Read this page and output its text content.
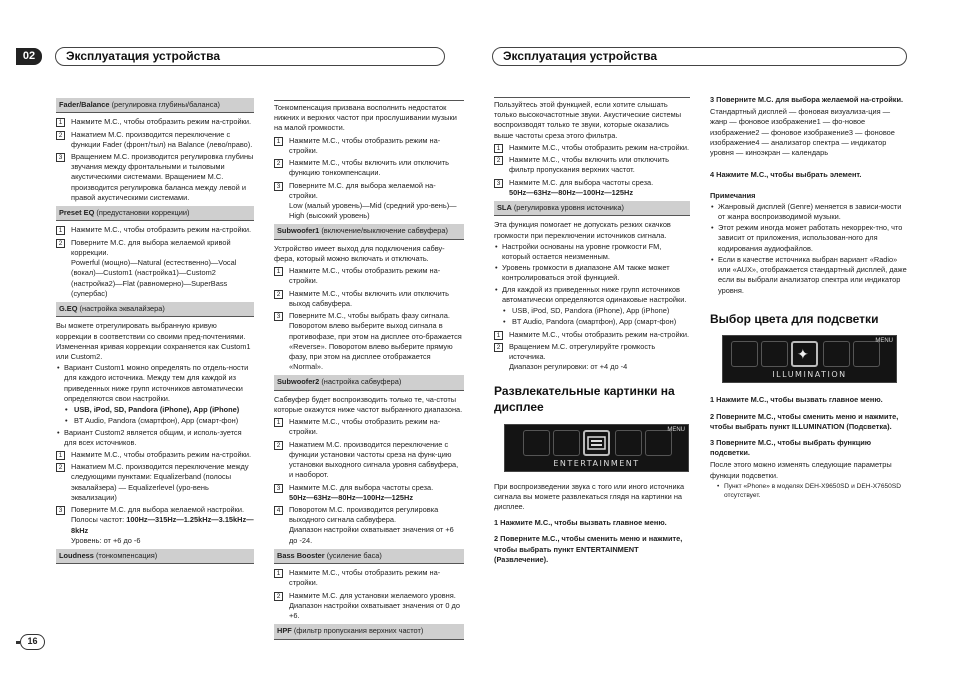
02	Эксплуатация устройства	Эксплуатация устройства
Fader/Balance (регулировка глубины/баланса)
1	Нажмите М.С., чтобы отобразить режим на-стройки.
2	Нажатием М.С. производится переключение с функции Fader (фронт/тыл) на Balance (лево/право).
3	Вращением М.С. производится регулировка глубины звучания между фронтальными и тыловыми акустическими системами. Вращением М.С. производится регулировка баланса между левой и правой акустическими системами.
Preset EQ (предустановки коррекции)
1	Нажмите М.С., чтобы отобразить режим на-стройки.
2	Поверните М.С. для выбора желаемой кривой коррекции.
Powerful (мощно)—Natural (естественно)—Vocal (вокал)—Custom1 (настройка1)—Custom2 (настройка2)—Flat (равномерно)—SuperBass (супербас)
G.EQ (настройка эквалайзера)

Вы можете отрегулировать выбранную кривую коррекции в соответствии со своими пред-почтениями. Измененная кривая коррекции сохраняется как Custom1 или Custom2.

• Вариант Custom1 можно определять по отдель-ности для каждого источника. Между тем для каждой из приведенных ниже групп источников автоматически определяются свои настройки.
• USB, iPod, SD, Pandora (iPhone), App (iPhone)
• BT Audio, Pandora (смартфон), App (смарт-фон)
• Вариант Custom2 является общим, и исполь-зуется для всех источников.
1	Нажмите М.С., чтобы отобразить режим на-стройки.
2	Нажатием М.С. производится переключение между следующими пунктами: Equalizerband (полосы эквалайзера) — Equalizerlevel (уро-вень эквализации)
3	Поверните М.С. для выбора желаемой настройки.
Полосы частот: 100Hz—315Hz—1.25kHz—3.15kHz—8kHz
Уровень: от +6 до -6
Loudness (тонкомпенсация)

Тонкомпенсация призвана восполнить недостаток нижних и верхних частот при прослушивании музыки на малой громкости.

1	Нажмите М.С., чтобы отобразить режим на-стройки.
2	Нажмите М.С., чтобы включить или отключить функцию тонкомпенсации.
3	Поверните М.С. для выбора желаемой на-стройки.
Low (малый уровень)—Mid (средний уро-вень)—High (высокий уровень)
Subwoofer1 (включение/выключение сабвуфера)

Устройство имеет выход для подключения сабву-фера, который можно включать и отключать.

1	Нажмите М.С., чтобы отобразить режим на-стройки.
2	Нажмите М.С., чтобы включить или отключить выход сабвуфера.
3	Поверните М.С., чтобы выбрать фазу сигнала. Поворотом влево выберите выход сигнала в противофазе, при этом на дисплее ото-бражается «Reverse». Поворотом влево выберите прямую фазу, при этом на дисплее отображается «Normal».
Subwoofer2 (настройка сабвуфера)

Сабвуфер будет воспроизводить только те, ча-стоты которые окажутся ниже частот выбранного диапазона.

1	Нажмите М.С., чтобы отобразить режим на-стройки.
2	Нажатием М.С. производится переключение с функции установки частоты среза на функ-цию установки выходного сигнала уровня сабвуфера, и наоборот.
3	Нажмите М.С. для выбора частоты среза.
50Hz—63Hz—80Hz—100Hz—125Hz
4	Поворотом М.С. производится регулировка выходного сигнала сабвуфера.
Диапазон настройки охватывает значения от +6 до -24.
Bass Booster (усиление баса)
1	Нажмите М.С., чтобы отобразить режим на-стройки.
2	Нажмите М.С. для установки желаемого уровня.
Диапазон настройки охватывает значения от 0 до +6.
HPF (фильтр пропускания верхних частот)

Пользуйтесь этой функцией, если хотите слышать только высокочастотные звуки. Акустические системы воспроизводят только те звуки, которые оказались выше частоты среза этого фильтра.

1	Нажмите М.С., чтобы отобразить режим на-стройки.
2	Нажмите М.С., чтобы включить или отключить фильтр пропускания верхних частот.
3	Нажмите М.С. для выбора частоты среза.
50Hz—63Hz—80Hz—100Hz—125Hz
SLA (регулировка уровня источника)

Эта функция помогает не допускать резких скачков громкости при переключении источников сигнала.

• Настройки основаны на уровне громкости FM, который остается неизменным.
• Уровень громкости в диапазоне AM также может контролироваться этой функцией.
• Для каждой из приведенных ниже групп источников автоматически определяются одинаковые настройки.
• USB, iPod, SD, Pandora (iPhone), App (iPhone)
• BT Audio, Pandora (смартфон), App (смарт-фон)
1	Нажмите М.С., чтобы отобразить режим на-стройки.
2	Вращением М.С. отрегулируйте громкость источника.
Диапазон регулировки: от +4 до -4
Развлекательные картинки на дисплее
MENU
ENTERTAINMENT

При воспроизведении звука с того или иного источника сигнала вы можете развлекаться глядя на картинки на дисплее.

1 Нажмите М.С., чтобы вызвать главное меню.

2 Поверните М.С., чтобы сменить меню и нажмите, чтобы выбрать пункт ENTERTAINMENT (Развлечение).

3 Поверните М.С. для выбора желаемой на-стройки.

Стандартный дисплей — фоновая визуализа-ция — жанр — фоновое изображение1 — фо-новое изображение2 — фоновое изображение3 — фоновое изображение4 — анализатор спектра — индикатор уровня — киноэкран — календарь

4 Нажмите М.С., чтобы выбрать элемент.

Примечания

• Жанровый дисплей (Genre) меняется в зависи-мости от жанра воспроизводимой музыки.
• Этот режим иногда может работать некоррек-тно, что зависит от приложения, использован-ного для кодирования аудиофайлов.
• Если в качестве источника выбран вариант «Radio» или «AUX», отображается стандартный дисплей, даже если вы выбрали анализатор спектра или индикатор уровня.
Выбор цвета для подсветки
✦
MENU
ILLUMINATION

1 Нажмите М.С., чтобы вызвать главное меню.

2 Поверните М.С., чтобы сменить меню и нажмите, чтобы выбрать пункт ILLUMINATION (Подсветка).

3 Поверните М.С., чтобы выбрать функцию подсветки.

После этого можно изменять следующие параметры функции подсветки.

• Пункт «Phone» в моделях DEH-X9650SD и DEH-X7650SD отсутствует.
16
